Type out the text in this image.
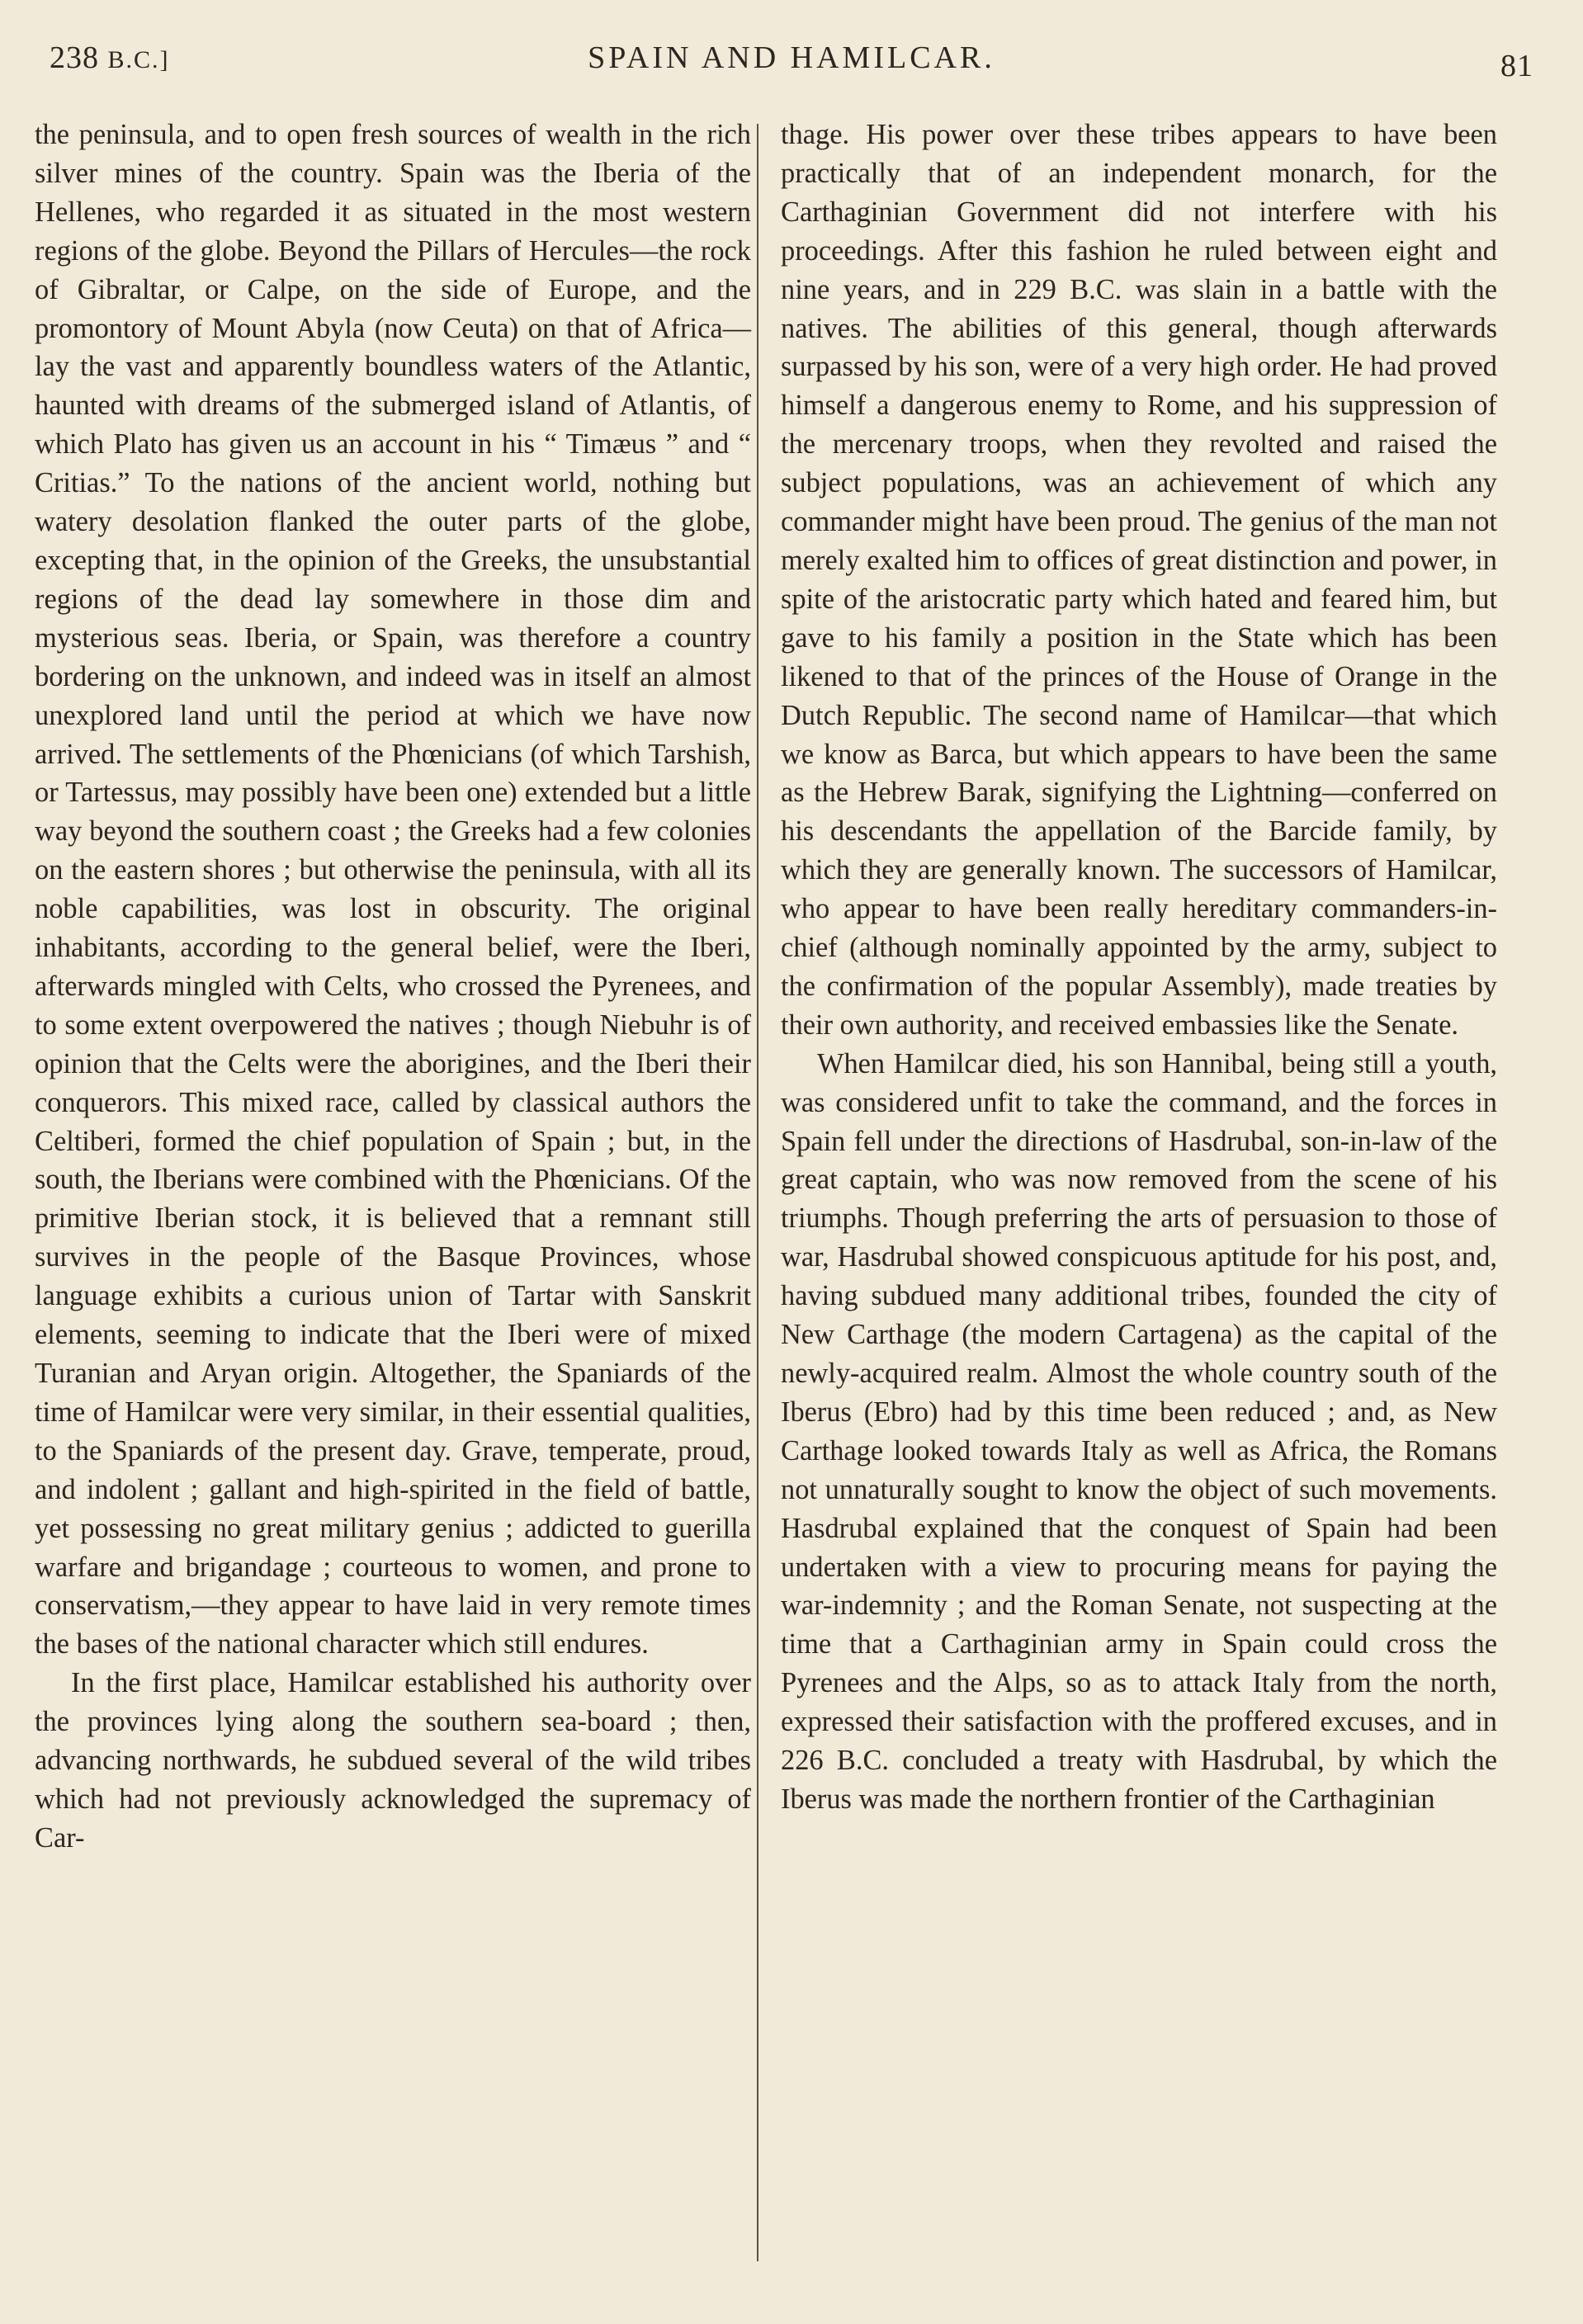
238 B.C.]	SPAIN AND HAMILCAR.	81

the peninsula, and to open fresh sources of wealth in the rich silver mines of the country. Spain was the Iberia of the Hellenes, who regarded it as situated in the most western regions of the globe. Beyond the Pillars of Hercules—the rock of Gibraltar, or Calpe, on the side of Europe, and the promontory of Mount Abyla (now Ceuta) on that of Africa—lay the vast and apparently boundless waters of the Atlantic, haunted with dreams of the submerged island of Atlantis, of which Plato has given us an account in his “ Timæus ” and “ Critias.” To the nations of the ancient world, nothing but watery desolation flanked the outer parts of the globe, excepting that, in the opinion of the Greeks, the unsubstantial regions of the dead lay somewhere in those dim and mysterious seas. Iberia, or Spain, was therefore a country bordering on the unknown, and indeed was in itself an almost unexplored land until the period at which we have now arrived. The settlements of the Phœnicians (of which Tarshish, or Tartessus, may possibly have been one) extended but a little way beyond the southern coast ; the Greeks had a few colonies on the eastern shores ; but otherwise the peninsula, with all its noble capabilities, was lost in obscurity. The original inhabitants, according to the general belief, were the Iberi, afterwards mingled with Celts, who crossed the Pyrenees, and to some extent overpowered the natives ; though Niebuhr is of opinion that the Celts were the aborigines, and the Iberi their conquerors. This mixed race, called by classical authors the Celtiberi, formed the chief population of Spain ; but, in the south, the Iberians were combined with the Phœnicians. Of the primitive Iberian stock, it is believed that a remnant still survives in the people of the Basque Provinces, whose language exhibits a curious union of Tartar with Sanskrit elements, seeming to indicate that the Iberi were of mixed Turanian and Aryan origin. Altogether, the Spaniards of the time of Hamilcar were very similar, in their essential qualities, to the Spaniards of the present day. Grave, temperate, proud, and indolent ; gallant and high-spirited in the field of battle, yet possessing no great military genius ; addicted to guerilla warfare and brigandage ; courteous to women, and prone to conservatism,—they appear to have laid in very remote times the bases of the national character which still endures.

In the first place, Hamilcar established his authority over the provinces lying along the southern sea-board ; then, advancing northwards, he subdued several of the wild tribes which had not previously acknowledged the supremacy of Car-

thage. His power over these tribes appears to have been practically that of an independent monarch, for the Carthaginian Government did not interfere with his proceedings. After this fashion he ruled between eight and nine years, and in 229 B.C. was slain in a battle with the natives. The abilities of this general, though afterwards surpassed by his son, were of a very high order. He had proved himself a dangerous enemy to Rome, and his suppression of the mercenary troops, when they revolted and raised the subject populations, was an achievement of which any commander might have been proud. The genius of the man not merely exalted him to offices of great distinction and power, in spite of the aristocratic party which hated and feared him, but gave to his family a position in the State which has been likened to that of the princes of the House of Orange in the Dutch Republic. The second name of Hamilcar—that which we know as Barca, but which appears to have been the same as the Hebrew Barak, signifying the Lightning—conferred on his descendants the appellation of the Barcide family, by which they are generally known. The successors of Hamilcar, who appear to have been really hereditary commanders-in-chief (although nominally appointed by the army, subject to the confirmation of the popular Assembly), made treaties by their own authority, and received embassies like the Senate.

When Hamilcar died, his son Hannibal, being still a youth, was considered unfit to take the command, and the forces in Spain fell under the directions of Hasdrubal, son-in-law of the great captain, who was now removed from the scene of his triumphs. Though preferring the arts of persuasion to those of war, Hasdrubal showed conspicuous aptitude for his post, and, having subdued many additional tribes, founded the city of New Carthage (the modern Cartagena) as the capital of the newly-acquired realm. Almost the whole country south of the Iberus (Ebro) had by this time been reduced ; and, as New Carthage looked towards Italy as well as Africa, the Romans not unnaturally sought to know the object of such movements. Hasdrubal explained that the conquest of Spain had been undertaken with a view to procuring means for paying the war-indemnity ; and the Roman Senate, not suspecting at the time that a Carthaginian army in Spain could cross the Pyrenees and the Alps, so as to attack Italy from the north, expressed their satisfaction with the proffered excuses, and in 226 B.C. concluded a treaty with Hasdrubal, by which the Iberus was made the northern frontier of the Carthaginian
